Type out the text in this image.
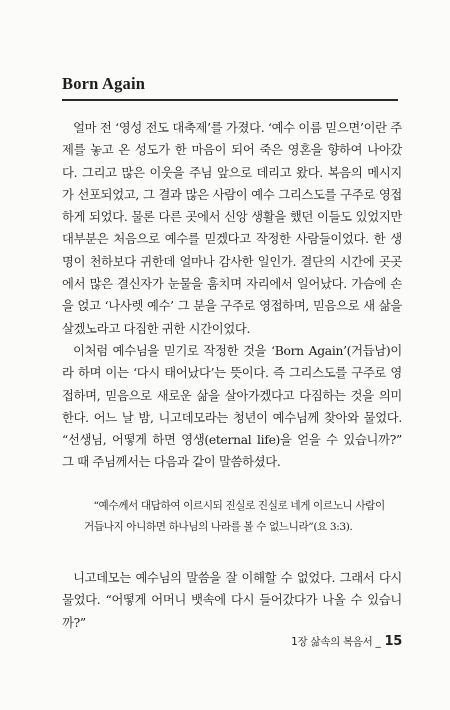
Born Again

얼마 전 ‘영성 전도 대축제’를 가졌다. ‘예수 이름 믿으면’이란 주제를 놓고 온 성도가 한 마음이 되어 죽은 영혼을 향하여 나아갔다. 그리고 많은 이웃을 주님 앞으로 데리고 왔다. 복음의 메시지가 선포되었고, 그 결과 많은 사람이 예수 그리스도를 구주로 영접하게 되었다. 물론 다른 곳에서 신앙 생활을 했던 이들도 있었지만 대부분은 처음으로 예수를 믿겠다고 작정한 사람들이었다. 한 생명이 천하보다 귀한데 얼마나 감사한 일인가. 결단의 시간에 곳곳에서 많은 결신자가 눈물을 훔치며 자리에서 일어났다. 가슴에 손을 얹고 ‘나사렛 예수’ 그 분을 구주로 영접하며, 믿음으로 새 삶을 살겠노라고 다짐한 귀한 시간이었다.

이처럼 예수님을 믿기로 작정한 것을 ‘Born Again’(거듭남)이라 하며 이는 ‘다시 태어났다’는 뜻이다. 즉 그리스도를 구주로 영접하며, 믿음으로 새로운 삶을 살아가겠다고 다짐하는 것을 의미한다. 어느 날 밤, 니고데모라는 청년이 예수님께 찾아와 물었다. “선생님, 어떻게 하면 영생(eternal life)을 얻을 수 있습니까?” 그 때 주님께서는 다음과 같이 말씀하셨다.

“예수께서 대답하여 이르시되 진실로 진실로 네게 이르노니 사람이 거듭나지 아니하면 하나님의 나라를 볼 수 없느니라”(요 3:3).

니고데모는 예수님의 말씀을 잘 이해할 수 없었다. 그래서 다시 물었다. “어떻게 어머니 뱃속에 다시 들어갔다가 나올 수 있습니까?”

1장 삶속의 복음서 _ 15
